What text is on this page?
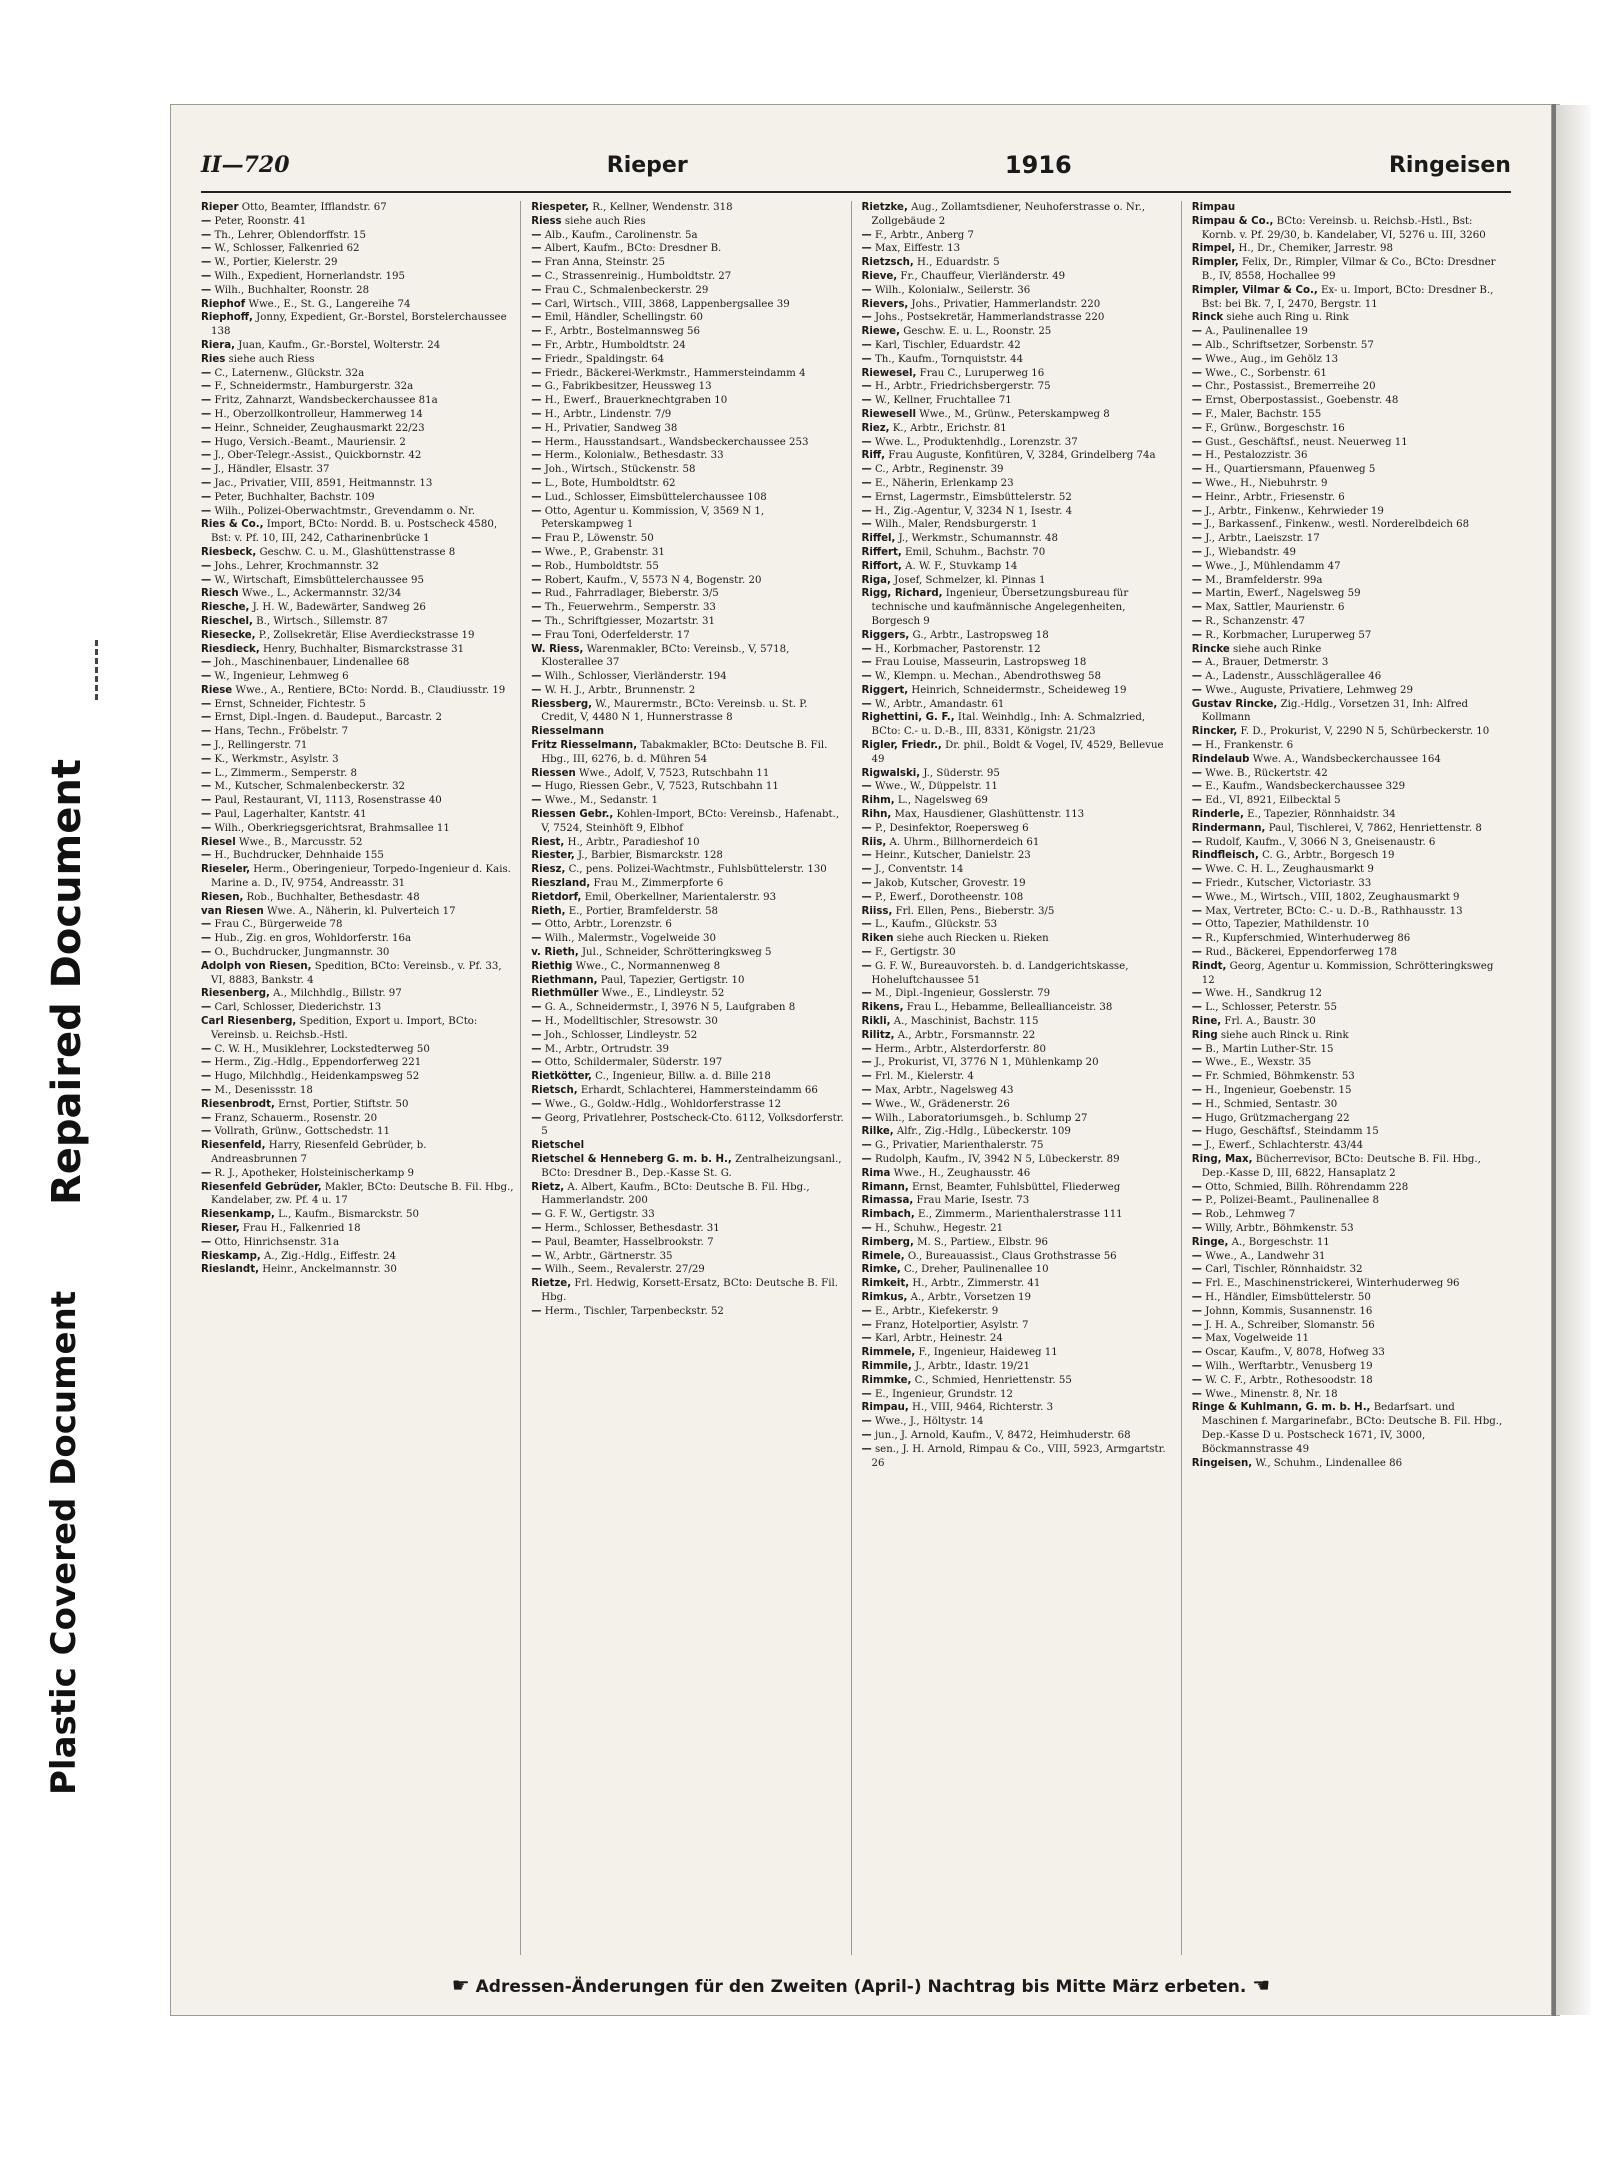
Repaired Document
Plastic Covered Document
II—720	Rieper	1916	Ringeisen

Rieper Otto, Beamter, Ifflandstr. 67

— Peter, Roonstr. 41

— Th., Lehrer, Oblendorffstr. 15

— W., Schlosser, Falkenried 62

— W., Portier, Kielerstr. 29

— Wilh., Expedient, Hornerlandstr. 195

— Wilh., Buchhalter, Roonstr. 28

Riephof Wwe., E., St. G., Langereihe 74

Riephoff, Jonny, Expedient, Gr.-Borstel, Borstelerchaussee 138

Riera, Juan, Kaufm., Gr.-Borstel, Wolterstr. 24

Ries siehe auch Riess

— C., Laternenw., Glückstr. 32a

— F., Schneidermstr., Hamburgerstr. 32a

— Fritz, Zahnarzt, Wandsbeckerchaussee 81a

— H., Oberzollkontrolleur, Hammerweg 14

— Heinr., Schneider, Zeughausmarkt 22/23

— Hugo, Versich.-Beamt., Mauriensir. 2

— J., Ober-Telegr.-Assist., Quickbornstr. 42

— J., Händler, Elsastr. 37

— Jac., Privatier, VIII, 8591, Heitmannstr. 13

— Peter, Buchhalter, Bachstr. 109

— Wilh., Polizei-Oberwachtmstr., Grevendamm o. Nr.

Ries & Co., Import, BCto: Nordd. B. u. Postscheck 4580, Bst: v. Pf. 10, III, 242, Catharinenbrücke 1

Riesbeck, Geschw. C. u. M., Glashüttenstrasse 8

— Johs., Lehrer, Krochmannstr. 32

— W., Wirtschaft, Eimsbüttelerchaussee 95

Riesch Wwe., L., Ackermannstr. 32/34

Riesche, J. H. W., Badewärter, Sandweg 26

Rieschel, B., Wirtsch., Sillemstr. 87

Riesecke, P., Zollsekretär, Elise Averdieckstrasse 19

Riesdieck, Henry, Buchhalter, Bismarckstrasse 31

— Joh., Maschinenbauer, Lindenallee 68

— W., Ingenieur, Lehmweg 6

Riese Wwe., A., Rentiere, BCto: Nordd. B., Claudiusstr. 19

— Ernst, Schneider, Fichtestr. 5

— Ernst, Dipl.-Ingen. d. Baudeput., Barcastr. 2

— Hans, Techn., Fröbelstr. 7

— J., Rellingerstr. 71

— K., Werkmstr., Asylstr. 3

— L., Zimmerm., Semperstr. 8

— M., Kutscher, Schmalenbeckerstr. 32

— Paul, Restaurant, VI, 1113, Rosenstrasse 40

— Paul, Lagerhalter, Kantstr. 41

— Wilh., Oberkriegsgerichtsrat, Brahmsallee 11

Riesel Wwe., B., Marcusstr. 52

— H., Buchdrucker, Dehnhaide 155

Rieseler, Herm., Oberingenieur, Torpedo-Ingenieur d. Kais. Marine a. D., IV, 9754, Andreasstr. 31

Riesen, Rob., Buchhalter, Bethesdastr. 48

van Riesen Wwe. A., Näherin, kl. Pulverteich 17

— Frau C., Bürgerweide 78

— Hub., Zig. en gros, Wohldorferstr. 16a

— O., Buchdrucker, Jungmannstr. 30

Adolph von Riesen, Spedition, BCto: Vereinsb., v. Pf. 33, VI, 8883, Bankstr. 4

Riesenberg, A., Milchhdlg., Billstr. 97

— Carl, Schlosser, Diederichstr. 13

Carl Riesenberg, Spedition, Export u. Import, BCto: Vereinsb. u. Reichsb.-Hstl.

— C. W. H., Musiklehrer, Lockstedterweg 50

— Herm., Zig.-Hdlg., Eppendorferweg 221

— Hugo, Milchhdlg., Heidenkampsweg 52

— M., Desenissstr. 18

Riesenbrodt, Ernst, Portier, Stiftstr. 50

— Franz, Schauerm., Rosenstr. 20

— Vollrath, Grünw., Gottschedstr. 11

Riesenfeld, Harry, Riesenfeld Gebrüder, b. Andreasbrunnen 7

— R. J., Apotheker, Holsteinischerkamp 9

Riesenfeld Gebrüder, Makler, BCto: Deutsche B. Fil. Hbg., Kandelaber, zw. Pf. 4 u. 17

Riesenkamp, L., Kaufm., Bismarckstr. 50

Rieser, Frau H., Falkenried 18

— Otto, Hinrichsenstr. 31a

Rieskamp, A., Zig.-Hdlg., Eiffestr. 24

Rieslandt, Heinr., Anckelmannstr. 30

Riespeter, R., Kellner, Wendenstr. 318

Riess siehe auch Ries

— Alb., Kaufm., Carolinenstr. 5a

— Albert, Kaufm., BCto: Dresdner B.

— Fran Anna, Steinstr. 25

— C., Strassenreinig., Humboldtstr. 27

— Frau C., Schmalenbeckerstr. 29

— Carl, Wirtsch., VIII, 3868, Lappenbergsallee 39

— Emil, Händler, Schellingstr. 60

— F., Arbtr., Bostelmannsweg 56

— Fr., Arbtr., Humboldtstr. 24

— Friedr., Spaldingstr. 64

— Friedr., Bäckerei-Werkmstr., Hammersteindamm 4

— G., Fabrikbesitzer, Heussweg 13

— H., Ewerf., Brauerknechtgraben 10

— H., Arbtr., Lindenstr. 7/9

— H., Privatier, Sandweg 38

— Herm., Hausstandsart., Wandsbeckerchaussee 253

— Herm., Kolonialw., Bethesdastr. 33

— Joh., Wirtsch., Stückenstr. 58

— L., Bote, Humboldtstr. 62

— Lud., Schlosser, Eimsbüttelerchaussee 108

— Otto, Agentur u. Kommission, V, 3569 N 1, Peterskampweg 1

— Frau P., Löwenstr. 50

— Wwe., P., Grabenstr. 31

— Rob., Humboldtstr. 55

— Robert, Kaufm., V, 5573 N 4, Bogenstr. 20

— Rud., Fahrradlager, Bieberstr. 3/5

— Th., Feuerwehrm., Semperstr. 33

— Th., Schriftgiesser, Mozartstr. 31

— Frau Toni, Oderfelderstr. 17

W. Riess, Warenmakler, BCto: Vereinsb., V, 5718, Klosterallee 37

— Wilh., Schlosser, Vierländerstr. 194

— W. H. J., Arbtr., Brunnenstr. 2

Riessberg, W., Maurermstr., BCto: Vereinsb. u. St. P. Credit, V, 4480 N 1, Hunnerstrasse 8

Riesselmann

Fritz Riesselmann, Tabakmakler, BCto: Deutsche B. Fil. Hbg., III, 6276, b. d. Mühren 54

Riessen Wwe., Adolf, V, 7523, Rutschbahn 11

— Hugo, Riessen Gebr., V, 7523, Rutschbahn 11

— Wwe., M., Sedanstr. 1

Riessen Gebr., Kohlen-Import, BCto: Vereinsb., Hafenabt., V, 7524, Steinhöft 9, Elbhof

Riest, H., Arbtr., Paradieshof 10

Riester, J., Barbier, Bismarckstr. 128

Riesz, C., pens. Polizei-Wachtmstr., Fuhlsbüttelerstr. 130

Rieszland, Frau M., Zimmerpforte 6

Rietdorf, Emil, Oberkellner, Marientalerstr. 93

Rieth, E., Portier, Bramfelderstr. 58

— Otto, Arbtr., Lorenzstr. 6

— Wilh., Malermstr., Vogelweide 30

v. Rieth, Jul., Schneider, Schrötteringksweg 5

Riethig Wwe., C., Normannenweg 8

Riethmann, Paul, Tapezier, Gertigstr. 10

Riethmüller Wwe., E., Lindleystr. 52

— G. A., Schneidermstr., I, 3976 N 5, Laufgraben 8

— H., Modelltischler, Stresowstr. 30

— Joh., Schlosser, Lindleystr. 52

— M., Arbtr., Ortrudstr. 39

— Otto, Schildermaler, Süderstr. 197

Rietkötter, C., Ingenieur, Billw. a. d. Bille 218

Rietsch, Erhardt, Schlachterei, Hammersteindamm 66

— Wwe., G., Goldw.-Hdlg., Wohldorferstrasse 12

— Georg, Privatlehrer, Postscheck-Cto. 6112, Volksdorferstr. 5

Rietschel

Rietschel & Henneberg G. m. b. H., Zentralheizungsanl., BCto: Dresdner B., Dep.-Kasse St. G.

Rietz, A. Albert, Kaufm., BCto: Deutsche B. Fil. Hbg., Hammerlandstr. 200

— G. F. W., Gertigstr. 33

— Herm., Schlosser, Bethesdastr. 31

— Paul, Beamter, Hasselbrookstr. 7

— W., Arbtr., Gärtnerstr. 35

— Wilh., Seem., Revalerstr. 27/29

Rietze, Frl. Hedwig, Korsett-Ersatz, BCto: Deutsche B. Fil. Hbg.

— Herm., Tischler, Tarpenbeckstr. 52

Rietzke, Aug., Zollamtsdiener, Neuhoferstrasse o. Nr., Zollgebäude 2

— F., Arbtr., Anberg 7

— Max, Eiffestr. 13

Rietzsch, H., Eduardstr. 5

Rieve, Fr., Chauffeur, Vierländerstr. 49

— Wilh., Kolonialw., Seilerstr. 36

Rievers, Johs., Privatier, Hammerlandstr. 220

— Johs., Postsekretär, Hammerlandstrasse 220

Riewe, Geschw. E. u. L., Roonstr. 25

— Karl, Tischler, Eduardstr. 42

— Th., Kaufm., Tornquiststr. 44

Riewesel, Frau C., Luruperweg 16

— H., Arbtr., Friedrichsbergerstr. 75

— W., Kellner, Fruchtallee 71

Riewesell Wwe., M., Grünw., Peterskampweg 8

Riez, K., Arbtr., Erichstr. 81

— Wwe. L., Produktenhdlg., Lorenzstr. 37

Riff, Frau Auguste, Konfitüren, V, 3284, Grindelberg 74a

— C., Arbtr., Reginenstr. 39

— E., Näherin, Erlenkamp 23

— Ernst, Lagermstr., Eimsbüttelerstr. 52

— H., Zig.-Agentur, V, 3234 N 1, Isestr. 4

— Wilh., Maler, Rendsburgerstr. 1

Riffel, J., Werkmstr., Schumannstr. 48

Riffert, Emil, Schuhm., Bachstr. 70

Riffort, A. W. F., Stuvkamp 14

Riga, Josef, Schmelzer, kl. Pinnas 1

Rigg, Richard, Ingenieur, Übersetzungsbureau für technische und kaufmännische Angelegenheiten, Borgesch 9

Riggers, G., Arbtr., Lastropsweg 18

— H., Korbmacher, Pastorenstr. 12

— Frau Louise, Masseurin, Lastropsweg 18

— W., Klempn. u. Mechan., Abendrothsweg 58

Riggert, Heinrich, Schneidermstr., Scheideweg 19

— W., Arbtr., Amandastr. 61

Righettini, G. F., Ital. Weinhdlg., Inh: A. Schmalzried, BCto: C.- u. D.-B., III, 8331, Königstr. 21/23

Rigler, Friedr., Dr. phil., Boldt & Vogel, IV, 4529, Bellevue 49

Rigwalski, J., Süderstr. 95

— Wwe., W., Düppelstr. 11

Rihm, L., Nagelsweg 69

Rihn, Max, Hausdiener, Glashüttenstr. 113

— P., Desinfektor, Roepersweg 6

Riis, A. Uhrm., Billhornerdeich 61

— Heinr., Kutscher, Danielstr. 23

— J., Conventstr. 14

— Jakob, Kutscher, Grovestr. 19

— P., Ewerf., Dorotheenstr. 108

Riiss, Frl. Ellen, Pens., Bieberstr. 3/5

— L., Kaufm., Glückstr. 53

Riken siehe auch Riecken u. Rieken

— F., Gertigstr. 30

— G. F. W., Bureauvorsteh. b. d. Landgerichtskasse, Hoheluftchaussee 51

— M., Dipl.-Ingenieur, Gosslerstr. 79

Rikens, Frau L., Hebamme, Belleallianceistr. 38

Rikli, A., Maschinist, Bachstr. 115

Rilitz, A., Arbtr., Forsmannstr. 22

— Herm., Arbtr., Alsterdorferstr. 80

— J., Prokurist, VI, 3776 N 1, Mühlenkamp 20

— Frl. M., Kielerstr. 4

— Max, Arbtr., Nagelsweg 43

— Wwe., W., Grädenerstr. 26

— Wilh., Laboratoriumsgeh., b. Schlump 27

Rilke, Alfr., Zig.-Hdlg., Lübeckerstr. 109

— G., Privatier, Marienthalerstr. 75

— Rudolph, Kaufm., IV, 3942 N 5, Lübeckerstr. 89

Rima Wwe., H., Zeughausstr. 46

Rimann, Ernst, Beamter, Fuhlsbüttel, Fliederweg

Rimassa, Frau Marie, Isestr. 73

Rimbach, E., Zimmerm., Marienthalerstrasse 111

— H., Schuhw., Hegestr. 21

Rimberg, M. S., Partiew., Elbstr. 96

Rimele, O., Bureauassist., Claus Grothstrasse 56

Rimke, C., Dreher, Paulinenallee 10

Rimkeit, H., Arbtr., Zimmerstr. 41

Rimkus, A., Arbtr., Vorsetzen 19

— E., Arbtr., Kiefekerstr. 9

— Franz, Hotelportier, Asylstr. 7

— Karl, Arbtr., Heinestr. 24

Rimmele, F., Ingenieur, Haideweg 11

Rimmile, J., Arbtr., Idastr. 19/21

Rimmke, C., Schmied, Henriettenstr. 55

— E., Ingenieur, Grundstr. 12

Rimpau, H., VIII, 9464, Richterstr. 3

— Wwe., J., Höltystr. 14

— jun., J. Arnold, Kaufm., V, 8472, Heimhuderstr. 68

— sen., J. H. Arnold, Rimpau & Co., VIII, 5923, Armgartstr. 26

Rimpau

Rimpau & Co., BCto: Vereinsb. u. Reichsb.-Hstl., Bst: Kornb. v. Pf. 29/30, b. Kandelaber, VI, 5276 u. III, 3260

Rimpel, H., Dr., Chemiker, Jarrestr. 98

Rimpler, Felix, Dr., Rimpler, Vilmar & Co., BCto: Dresdner B., IV, 8558, Hochallee 99

Rimpler, Vilmar & Co., Ex- u. Import, BCto: Dresdner B., Bst: bei Bk. 7, I, 2470, Bergstr. 11

Rinck siehe auch Ring u. Rink

— A., Paulinenallee 19

— Alb., Schriftsetzer, Sorbenstr. 57

— Wwe., Aug., im Gehölz 13

— Wwe., C., Sorbenstr. 61

— Chr., Postassist., Bremerreihe 20

— Ernst, Oberpostassist., Goebenstr. 48

— F., Maler, Bachstr. 155

— F., Grünw., Borgeschstr. 16

— Gust., Geschäftsf., neust. Neuerweg 11

— H., Pestalozzistr. 36

— H., Quartiersmann, Pfauenweg 5

— Wwe., H., Niebuhrstr. 9

— Heinr., Arbtr., Friesenstr. 6

— J., Arbtr., Finkenw., Kehrwieder 19

— J., Barkassenf., Finkenw., westl. Norderelbdeich 68

— J., Arbtr., Laeiszstr. 17

— J., Wiebandstr. 49

— Wwe., J., Mühlendamm 47

— M., Bramfelderstr. 99a

— Martin, Ewerf., Nagelsweg 59

— Max, Sattler, Maurienstr. 6

— R., Schanzenstr. 47

— R., Korbmacher, Luruperweg 57

Rincke siehe auch Rinke

— A., Brauer, Detmerstr. 3

— A., Ladenstr., Ausschlägerallee 46

— Wwe., Auguste, Privatiere, Lehmweg 29

Gustav Rincke, Zig.-Hdlg., Vorsetzen 31, Inh: Alfred Kollmann

Rincker, F. D., Prokurist, V, 2290 N 5, Schürbeckerstr. 10

— H., Frankenstr. 6

Rindelaub Wwe. A., Wandsbeckerchaussee 164

— Wwe. B., Rückertstr. 42

— E., Kaufm., Wandsbeckerchaussee 329

— Ed., VI, 8921, Eilbecktal 5

Rinderle, E., Tapezier, Rönnhaidstr. 34

Rindermann, Paul, Tischlerei, V, 7862, Henriettenstr. 8

— Rudolf, Kaufm., V, 3066 N 3, Gneisenaustr. 6

Rindfleisch, C. G., Arbtr., Borgesch 19

— Wwe. C. H. L., Zeughausmarkt 9

— Friedr., Kutscher, Victoriastr. 33

— Wwe., M., Wirtsch., VIII, 1802, Zeughausmarkt 9

— Max, Vertreter, BCto: C.- u. D.-B., Rathhausstr. 13

— Otto, Tapezier, Mathildenstr. 10

— R., Kupferschmied, Winterhuderweg 86

— Rud., Bäckerei, Eppendorferweg 178

Rindt, Georg, Agentur u. Kommission, Schrötteringksweg 12

— Wwe. H., Sandkrug 12

— L., Schlosser, Peterstr. 55

Rine, Frl. A., Baustr. 30

Ring siehe auch Rinck u. Rink

— B., Martin Luther-Str. 15

— Wwe., E., Wexstr. 35

— Fr. Schmied, Böhmkenstr. 53

— H., Ingenieur, Goebenstr. 15

— H., Schmied, Sentastr. 30

— Hugo, Grützmachergang 22

— Hugo, Geschäftsf., Steindamm 15

— J., Ewerf., Schlachterstr. 43/44

Ring, Max, Bücherrevisor, BCto: Deutsche B. Fil. Hbg., Dep.-Kasse D, III, 6822, Hansaplatz 2

— Otto, Schmied, Billh. Röhrendamm 228

— P., Polizei-Beamt., Paulinenallee 8

— Rob., Lehmweg 7

— Willy, Arbtr., Böhmkenstr. 53

Ringe, A., Borgeschstr. 11

— Wwe., A., Landwehr 31

— Carl, Tischler, Rönnhaidstr. 32

— Frl. E., Maschinenstrickerei, Winterhuderweg 96

— H., Händler, Eimsbüttelerstr. 50

— Johnn, Kommis, Susannenstr. 16

— J. H. A., Schreiber, Slomanstr. 56

— Max, Vogelweide 11

— Oscar, Kaufm., V, 8078, Hofweg 33

— Wilh., Werftarbtr., Venusberg 19

— W. C. F., Arbtr., Rothesoodstr. 18

— Wwe., Minenstr. 8, Nr. 18

Ringe & Kuhlmann, G. m. b. H., Bedarfsart. und Maschinen f. Margarinefabr., BCto: Deutsche B. Fil. Hbg., Dep.-Kasse D u. Postscheck 1671, IV, 3000, Böckmannstrasse 49

Ringeisen, W., Schuhm., Lindenallee 86

☛ Adressen-Änderungen für den Zweiten (April-) Nachtrag bis Mitte März erbeten. ☚
